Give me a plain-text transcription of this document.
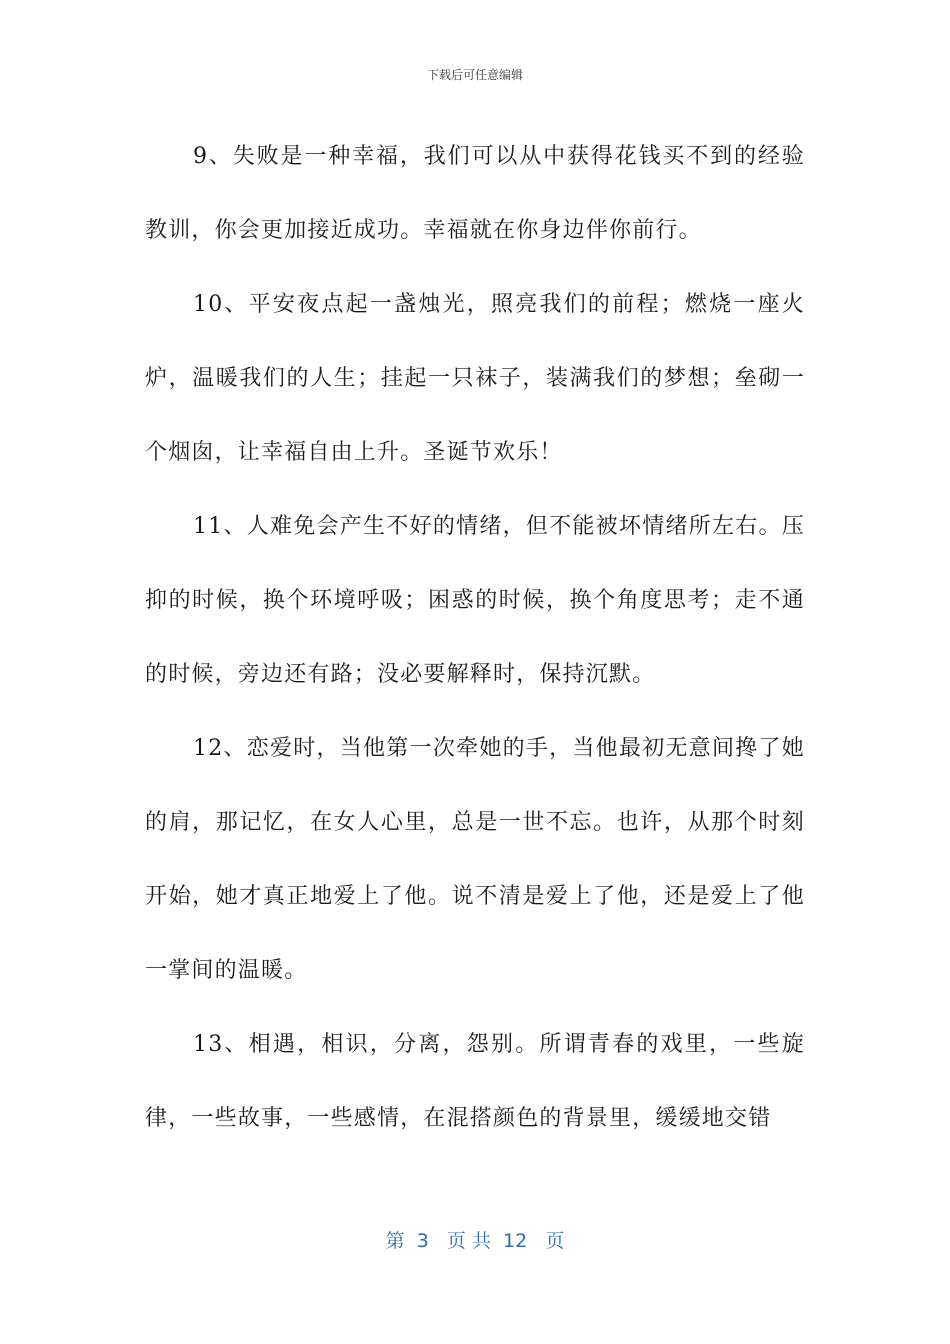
下载后可任意编辑

9、失败是一种幸福，我们可以从中获得花钱买不到的经验教训，你会更加接近成功。幸福就在你身边伴你前行。

10、平安夜点起一盏烛光，照亮我们的前程；燃烧一座火炉，温暖我们的人生；挂起一只袜子，装满我们的梦想；垒砌一个烟囱，让幸福自由上升。圣诞节欢乐！

11、人难免会产生不好的情绪，但不能被坏情绪所左右。压抑的时候，换个环境呼吸；困惑的时候，换个角度思考；走不通的时候，旁边还有路；没必要解释时，保持沉默。

12、恋爱时，当他第一次牵她的手，当他最初无意间搀了她的肩，那记忆，在女人心里，总是一世不忘。也许，从那个时刻开始，她才真正地爱上了他。说不清是爱上了他，还是爱上了他一掌间的温暖。

13、相遇，相识，分离，怨别。所谓青春的戏里，一些旋律，一些故事，一些感情，在混搭颜色的背景里，缓缓地交错

第  3   页 共  12   页
